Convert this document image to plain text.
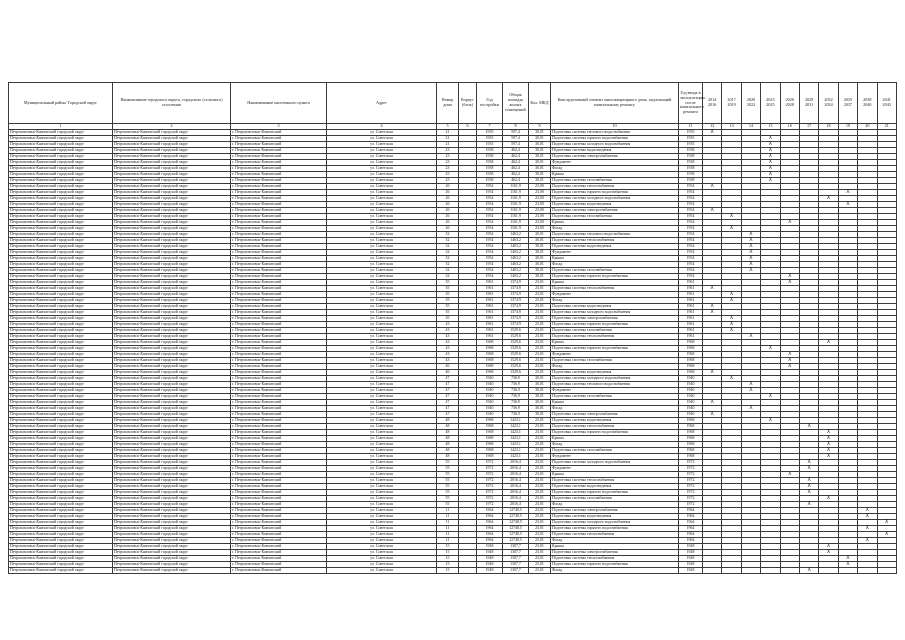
Муниципальный район/ Городской округ	Наименование городского округа, городского (сельского) поселения	Наименование населенного пункта	Адрес	Номер дома	Корпус (блок)	Год постройки	Общая площадь жилых помещений	Кол. МКД	Конструктивный элемент многоквартирного дома, подлежащий капитальному ремонту	Год ввода в эксплуатацию после капитального ремонта	2014 2016	2017 2019	2020 2022	2023 2025	2026 2028	2029 2031	2032 2034	2035 2037	2038 2040	2041 2043
1	2	3	4	5	6	7	8	9	10	11	12	13	14	15	16	17	18	19	20	21
Петропавловск-Камчатский городской округ	Петропавловск-Камчатский городской округ	г. Петропавловск-Камчатский	ул. Советская	21		1935	597,4	30,01	Подготовка системы теплового водоснабжения	1935	X									
Петропавловск-Камчатский городской округ	Петропавловск-Камчатский городской округ	г. Петропавловск-Камчатский	ул. Советская	21		1935	597,4	30,01	Подготовка системы горячего водоснабжения	1935				X						
Петропавловск-Камчатский городской округ	Петропавловск-Камчатский городской округ	г. Петропавловск-Камчатский	ул. Советская	21		1935	597,4	30,01	Подготовка системы холодного водоснабжения	1935				X						
Петропавловск-Камчатский городской округ	Петропавловск-Камчатский городской округ	г. Петропавловск-Камчатский	ул. Советская	23		1938	462,4	30,01	Подготовка системы водоотведения	1938				X						
Петропавловск-Камчатский городской округ	Петропавловск-Камчатский городской округ	г. Петропавловск-Камчатский	ул. Советская	23		1938	462,4	30,01	Подготовка системы электроснабжения	1938				X						
Петропавловск-Камчатский городской округ	Петропавловск-Камчатский городской округ	г. Петропавловск-Камчатский	ул. Советская	23		1938	462,4	30,01	Фундамент	1938				X						
Петропавловск-Камчатский городской округ	Петропавловск-Камчатский городской округ	г. Петропавловск-Камчатский	ул. Советская	23		1938	462,4	30,01	Фасад	1938				X						
Петропавловск-Камчатский городской округ	Петропавловск-Камчатский городской округ	г. Петропавловск-Камчатский	ул. Советская	25		1938	462,4	30,01	Крыша	1938				X						
Петропавловск-Камчатский городской округ	Петропавловск-Камчатский городской округ	г. Петропавловск-Камчатский	ул. Советская	25		1938	462,4	30,01	Подготовка системы газоснабжения	1938				X						
Петропавловск-Камчатский городской округ	Петропавловск-Камчатский городской округ	г. Петропавловск-Камчатский	ул. Советская	26		1954	1161,9	23,00	Подготовка системы теплоснабжения	1954	X									
Петропавловск-Камчатский городской округ	Петропавловск-Камчатский городской округ	г. Петропавловск-Камчатский	ул. Советская	26		1954	1161,9	23,00	Подготовка системы горячего водоснабжения	1954								X		
Петропавловск-Камчатский городской округ	Петропавловск-Камчатский городской округ	г. Петропавловск-Камчатский	ул. Советская	26		1954	1161,9	23,00	Подготовка системы холодного водоснабжения	1954							X			
Петропавловск-Камчатский городской округ	Петропавловск-Камчатский городской округ	г. Петропавловск-Камчатский	ул. Советская	26		1954	1161,9	23,00	Подготовка системы водоотведения	1954								X		
Петропавловск-Камчатский городской округ	Петропавловск-Камчатский городской округ	г. Петропавловск-Камчатский	ул. Советская	26		1954	1161,9	23,00	Подготовка системы электроснабжения	1954	X									
Петропавловск-Камчатский городской округ	Петропавловск-Камчатский городской округ	г. Петропавловск-Камчатский	ул. Советская	26		1954	1161,9	23,00	Подготовка системы газоснабжения	1954		X								
Петропавловск-Камчатский городской округ	Петропавловск-Камчатский городской округ	г. Петропавловск-Камчатский	ул. Советская	26		1954	1161,9	23,00	Крыша	1954					X					
Петропавловск-Камчатский городской округ	Петропавловск-Камчатский городской округ	г. Петропавловск-Камчатский	ул. Советская	26		1954	1161,9	23,00	Фасад	1954		X								
Петропавловск-Камчатский городской округ	Петропавловск-Камчатский городской округ	г. Петропавловск-Камчатский	ул. Советская	32		1954	1463,2	30,01	Подготовка системы теплового водоснабжения	1954			X							
Петропавловск-Камчатский городской округ	Петропавловск-Камчатский городской округ	г. Петропавловск-Камчатский	ул. Советская	32		1954	1463,2	30,01	Подготовка системы теплоснабжения	1954			X							
Петропавловск-Камчатский городской округ	Петропавловск-Камчатский городской округ	г. Петропавловск-Камчатский	ул. Советская	32		1954	1463,2	30,01	Подготовка системы водоотведения	1954			X							
Петропавловск-Камчатский городской округ	Петропавловск-Камчатский городской округ	г. Петропавловск-Камчатский	ул. Советская	32		1954	1463,2	30,01	Фундамент	1954			X							
Петропавловск-Камчатский городской округ	Петропавловск-Камчатский городской округ	г. Петропавловск-Камчатский	ул. Советская	32		1954	1463,2	30,01	Крыша	1954			X							
Петропавловск-Камчатский городской округ	Петропавловск-Камчатский городской округ	г. Петропавловск-Камчатский	ул. Советская	32		1954	1463,2	30,01	Фасад	1954			X							
Петропавловск-Камчатский городской округ	Петропавловск-Камчатский городской округ	г. Петропавловск-Камчатский	ул. Советская	32		1954	1463,2	30,01	Подготовка системы газоснабжения	1954			X							
Петропавловск-Камчатский городской округ	Петропавловск-Камчатский городской округ	г. Петропавловск-Камчатский	ул. Советская	32		1954	1463,2	30,01	Подготовка системы горячего водоснабжения	1954					X					
Петропавловск-Камчатский городской округ	Петропавловск-Камчатский городской округ	г. Петропавловск-Камчатский	ул. Советская	35		1961	1374,9	23,01	Крыша	1961					X					
Петропавловск-Камчатский городской округ	Петропавловск-Камчатский городской округ	г. Петропавловск-Камчатский	ул. Советская	35		1961	1374,9	23,01	Подготовка системы теплоснабжения	1961	X									
Петропавловск-Камчатский городской округ	Петропавловск-Камчатский городской округ	г. Петропавловск-Камчатский	ул. Советская	35		1961	1374,9	23,01	Фундамент	1961		X								
Петропавловск-Камчатский городской округ	Петропавловск-Камчатский городской округ	г. Петропавловск-Камчатский	ул. Советская	35		1961	1374,9	23,01	Фасад	1961		X								
Петропавловск-Камчатский городской округ	Петропавловск-Камчатский городской округ	г. Петропавловск-Камчатский	ул. Советская	35		1961	1374,9	23,01	Подготовка системы водоотведения	1961	X									
Петропавловск-Камчатский городской округ	Петропавловск-Камчатский городской округ	г. Петропавловск-Камчатский	ул. Советская	35		1961	1374,9	23,01	Подготовка системы холодного водоснабжения	1961	X									
Петропавловск-Камчатский городской округ	Петропавловск-Камчатский городской округ	г. Петропавловск-Камчатский	ул. Советская	35		1961	1374,9	23,01	Подготовка системы электроснабжения	1961		X								
Петропавловск-Камчатский городской округ	Петропавловск-Камчатский городской округ	г. Петропавловск-Камчатский	ул. Советская	43		1961	1374,9	23,01	Подготовка системы горячего водоснабжения	1961		X								
Петропавловск-Камчатский городской округ	Петропавловск-Камчатский городской округ	г. Петропавловск-Камчатский	ул. Советская	43		1961	1529,6	23,01	Подготовка системы газоснабжения	1961		X								
Петропавловск-Камчатский городской округ	Петропавловск-Камчатский городской округ	г. Петропавловск-Камчатский	ул. Советская	43		1961	1529,6	23,01	Подготовка системы теплоснабжения	1961			X							
Петропавловск-Камчатский городской округ	Петропавловск-Камчатский городской округ	г. Петропавловск-Камчатский	ул. Советская	43		1968	1529,6	23,01	Крыша	1968							X			
Петропавловск-Камчатский городской округ	Петропавловск-Камчатский городской округ	г. Петропавловск-Камчатский	ул. Советская	43		1968	1529,6	23,01	Подготовка системы горячего водоснабжения	1968				X						
Петропавловск-Камчатский городской округ	Петропавловск-Камчатский городской округ	г. Петропавловск-Камчатский	ул. Советская	43		1968	1529,6	23,01	Фундамент	1968					X					
Петропавловск-Камчатский городской округ	Петропавловск-Камчатский городской округ	г. Петропавловск-Камчатский	ул. Советская	43		1968	1529,6	23,01	Подготовка системы газоснабжения	1968					X					
Петропавловск-Камчатский городской округ	Петропавловск-Камчатский городской округ	г. Петропавловск-Камчатский	ул. Советская	46		1968	1529,6	23,01	Фасад	1968					X					
Петропавловск-Камчатский городской округ	Петропавловск-Камчатский городской округ	г. Петропавловск-Камчатский	ул. Советская	46		1968	1529,6	23,01	Подготовка системы водоотведения	1968	X									
Петропавловск-Камчатский городской округ	Петропавловск-Камчатский городской округ	г. Петропавловск-Камчатский	ул. Советская	47		1940	736,9	30,01	Подготовка системы холодного водоснабжения	1940		X								
Петропавловск-Камчатский городской округ	Петропавловск-Камчатский городской округ	г. Петропавловск-Камчатский	ул. Советская	47		1940	736,9	30,01	Подготовка системы теплового водоснабжения	1940			X							
Петропавловск-Камчатский городской округ	Петропавловск-Камчатский городской округ	г. Петропавловск-Камчатский	ул. Советская	47		1940	736,9	30,01	Фундамент	1940			X							
Петропавловск-Камчатский городской округ	Петропавловск-Камчатский городской округ	г. Петропавловск-Камчатский	ул. Советская	47		1940	736,9	30,01	Подготовка системы газоснабжения	1940				X						
Петропавловск-Камчатский городской округ	Петропавловск-Камчатский городской округ	г. Петропавловск-Камчатский	ул. Советская	47		1940	736,9	30,01	Крыша	1940	X									
Петропавловск-Камчатский городской округ	Петропавловск-Камчатский городской округ	г. Петропавловск-Камчатский	ул. Советская	47		1940	736,9	30,01	Фасад	1940			X							
Петропавловск-Камчатский городской округ	Петропавловск-Камчатский городской округ	г. Петропавловск-Камчатский	ул. Советская	47		1940	736,9	30,01	Подготовка системы электроснабжения	1940	X									
Петропавловск-Камчатский городской округ	Петропавловск-Камчатский городской округ	г. Петропавловск-Камчатский	ул. Советская	48		1968	1423,1	23,01	Подготовка системы водоотведения	1968				X						
Петропавловск-Камчатский городской округ	Петропавловск-Камчатский городской округ	г. Петропавловск-Камчатский	ул. Советская	48		1968	1423,1	23,01	Подготовка системы теплоснабжения	1968						X				
Петропавловск-Камчатский городской округ	Петропавловск-Камчатский городской округ	г. Петропавловск-Камчатский	ул. Советская	48		1968	1423,1	23,01	Подготовка системы горячего водоснабжения	1968							X			
Петропавловск-Камчатский городской округ	Петропавловск-Камчатский городской округ	г. Петропавловск-Камчатский	ул. Советская	48		1968	1423,1	23,01	Крыша	1968							X			
Петропавловск-Камчатский городской округ	Петропавловск-Камчатский городской округ	г. Петропавловск-Камчатский	ул. Советская	48		1968	1423,1	23,01	Фасад	1968							X			
Петропавловск-Камчатский городской округ	Петропавловск-Камчатский городской округ	г. Петропавловск-Камчатский	ул. Советская	48		1968	1423,1	23,01	Подготовка системы газоснабжения	1968							X			
Петропавловск-Камчатский городской округ	Петропавловск-Камчатский городской округ	г. Петропавловск-Камчатский	ул. Советская	48		1968	1423,1	23,01	Фундамент	1968							X			
Петропавловск-Камчатский городской округ	Петропавловск-Камчатский городской округ	г. Петропавловск-Камчатский	ул. Советская	55		1972	2016,4	23,01	Подготовка системы холодного водоснабжения	1972						X				
Петропавловск-Камчатский городской округ	Петропавловск-Камчатский городской округ	г. Петропавловск-Камчатский	ул. Советская	55		1972	2016,4	23,01	Фундамент	1972						X				
Петропавловск-Камчатский городской округ	Петропавловск-Камчатский городской округ	г. Петропавловск-Камчатский	ул. Советская	55		1972	2016,4	23,01	Крыша	1972					X					
Петропавловск-Камчатский городской округ	Петропавловск-Камчатский городской округ	г. Петропавловск-Камчатский	ул. Советская	55		1972	2016,4	23,01	Подготовка системы теплоснабжения	1972						X				
Петропавловск-Камчатский городской округ	Петропавловск-Камчатский городской округ	г. Петропавловск-Камчатский	ул. Советская	55		1972	2016,4	23,01	Подготовка системы водоотведения	1972						X				
Петропавловск-Камчатский городской округ	Петропавловск-Камчатский городской округ	г. Петропавловск-Камчатский	ул. Советская	55		1972	2016,4	23,01	Подготовка системы горячего водоснабжения	1972						X				
Петропавловск-Камчатский городской округ	Петропавловск-Камчатский городской округ	г. Петропавловск-Камчатский	ул. Советская	55		1972	2016,4	23,01	Подготовка системы газоснабжения	1972							X			
Петропавловск-Камчатский городской округ	Петропавловск-Камчатский городской округ	г. Петропавловск-Камчатский	ул. Советская	55		1972	2016,4	23,01	Фасад	1972						X				
Петропавловск-Камчатский городской округ	Петропавловск-Камчатский городской округ	г. Петропавловск-Камчатский	ул. Советская	11		1964	12748,5	23,01	Подготовка системы электроснабжения	1964									X	
Петропавловск-Камчатский городской округ	Петропавловск-Камчатский городской округ	г. Петропавловск-Камчатский	ул. Советская	11		1964	12748,5	23,01	Подготовка системы водоотведения	1964									X	
Петропавловск-Камчатский городской округ	Петропавловск-Камчатский городской округ	г. Петропавловск-Камчатский	ул. Советская	11		1964	12748,5	23,01	Подготовка системы холодного водоснабжения	1964										X
Петропавловск-Камчатский городской округ	Петропавловск-Камчатский городской округ	г. Петропавловск-Камчатский	ул. Советская	11		1964	12748,5	23,01	Подготовка системы горячего водоснабжения	1964									X	
Петропавловск-Камчатский городской округ	Петропавловск-Камчатский городской округ	г. Петропавловск-Камчатский	ул. Советская	11		1964	12748,5	23,01	Подготовка системы теплоснабжения	1964										X
Петропавловск-Камчатский городской округ	Петропавловск-Камчатский городской округ	г. Петропавловск-Камчатский	ул. Советская	11		1964	12748,5	23,01	Фасад	1964									X	
Петропавловск-Камчатский городской округ	Петропавловск-Камчатский городской округ	г. Петропавловск-Камчатский	ул. Советская	15		1948	1307,7	23,01	Крыша	1948							X			
Петропавловск-Камчатский городской округ	Петропавловск-Камчатский городской округ	г. Петропавловск-Камчатский	ул. Советская	15		1948	1307,7	23,01	Подготовка системы электроснабжения	1948							X			
Петропавловск-Камчатский городской округ	Петропавловск-Камчатский городской округ	г. Петропавловск-Камчатский	ул. Советская	15		1948	1307,7	23,01	Подготовка системы теплоснабжения	1948								X		
Петропавловск-Камчатский городской округ	Петропавловск-Камчатский городской округ	г. Петропавловск-Камчатский	ул. Советская	15		1948	1307,7	23,01	Подготовка системы горячего водоснабжения	1948								X		
Петропавловск-Камчатский городской округ	Петропавловск-Камчатский городской округ	г. Петропавловск-Камчатский	ул. Советская	15		1948	1307,7	23,01	Фасад	1948						X				
